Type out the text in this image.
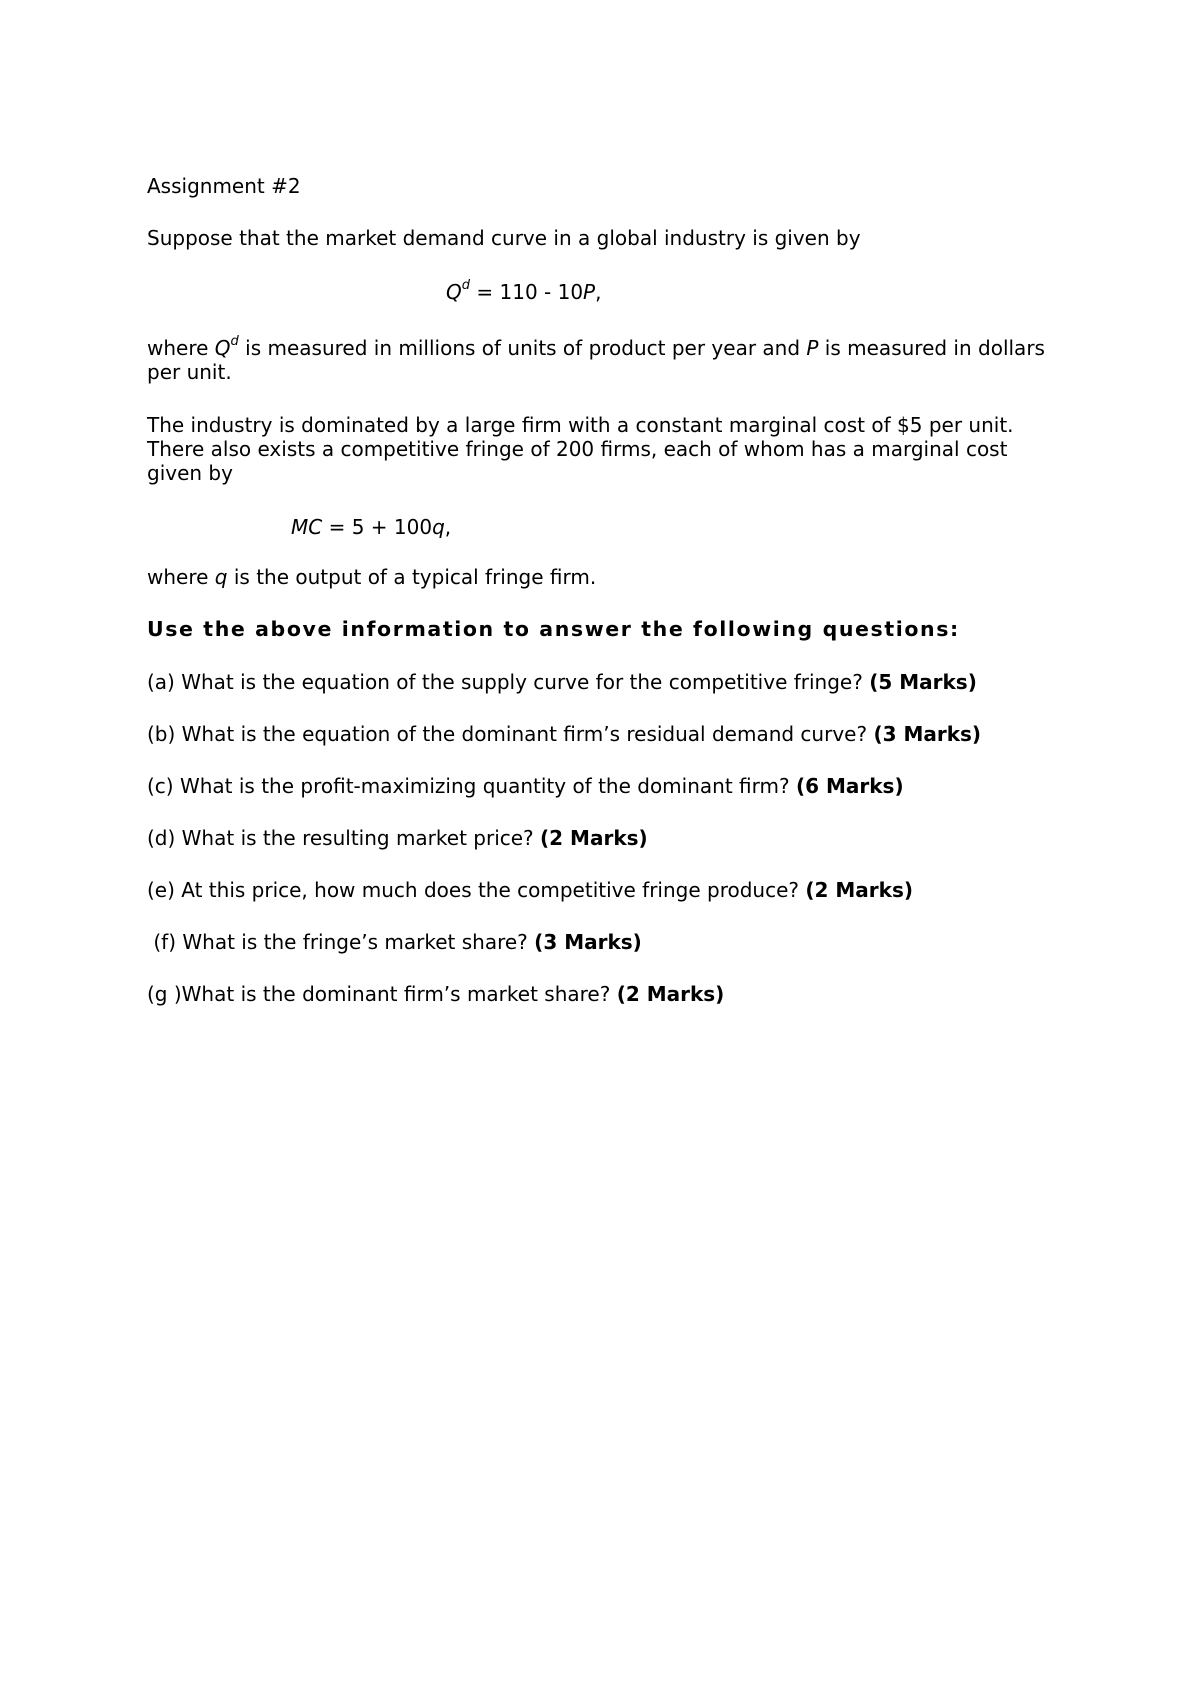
Assignment #2
Suppose that the market demand curve in a global industry is given by
$Q^d = 110 - 10P$,
where $Q^d$ is measured in millions of units of product per year and P is measured in dollars per unit.
The industry is dominated by a large firm with a constant marginal cost of $5 per unit. There also exists a competitive fringe of 200 firms, each of whom has a marginal cost given by
MC = 5 + 100q,
where q is the output of a typical fringe firm.
Use the above information to answer the following questions:
(a) What is the equation of the supply curve for the competitive fringe? (5 Marks)
(b) What is the equation of the dominant firm’s residual demand curve? (3 Marks)
(c) What is the profit-maximizing quantity of the dominant firm? (6 Marks)
(d) What is the resulting market price? (2 Marks)
(e) At this price, how much does the competitive fringe produce? (2 Marks)
(f) What is the fringe’s market share? (3 Marks)
(g )What is the dominant firm’s market share? (2 Marks)
